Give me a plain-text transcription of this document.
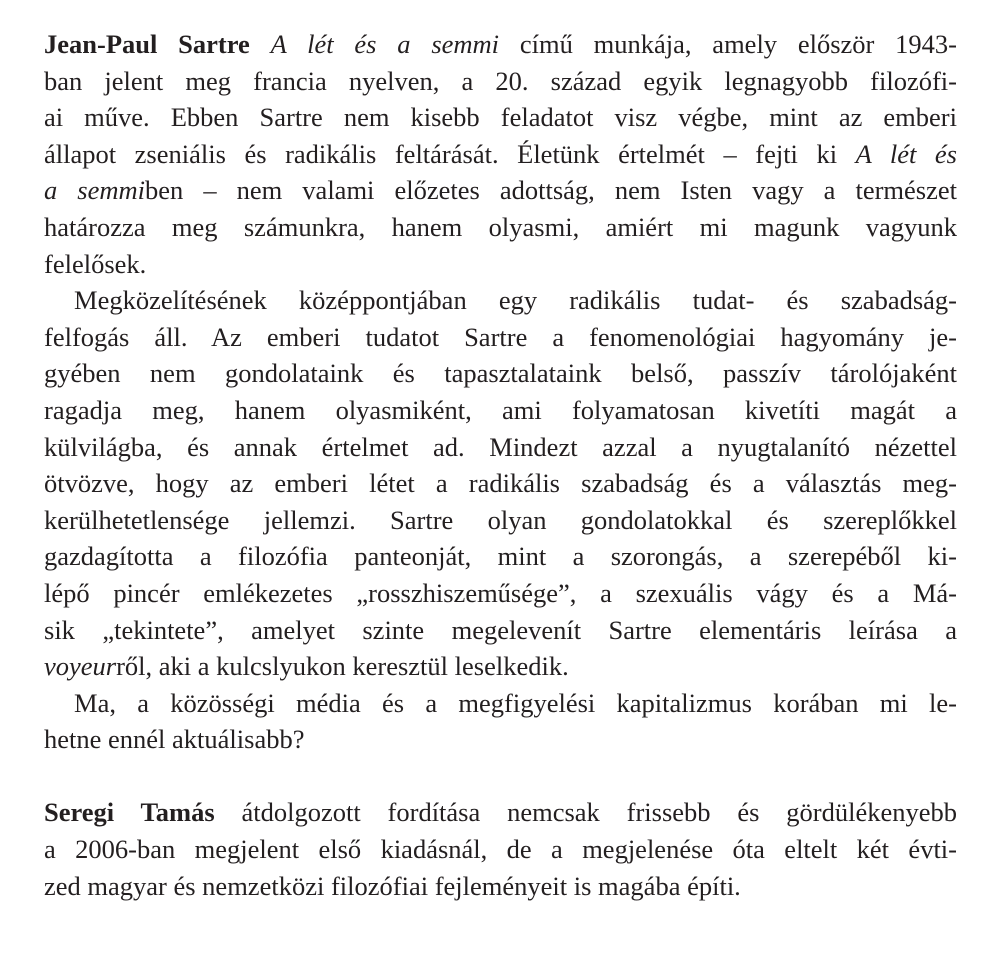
Jean-Paul Sartre A lét és a semmi című munkája, amely először 1943-
ban jelent meg francia nyelven, a 20. század egyik legnagyobb filozófi-
ai műve. Ebben Sartre nem kisebb feladatot visz végbe, mint az emberi
állapot zseniális és radikális feltárását. Életünk értelmét – fejti ki A lét és
a semmiben – nem valami előzetes adottság, nem Isten vagy a természet
határozza meg számunkra, hanem olyasmi, amiért mi magunk vagyunk
felelősek.
Megközelítésének középpontjában egy radikális tudat- és szabadság-
felfogás áll. Az emberi tudatot Sartre a fenomenológiai hagyomány je-
gyében nem gondolataink és tapasztalataink belső, passzív tárolójaként
ragadja meg, hanem olyasmiként, ami folyamatosan kivetíti magát a
külvilágba, és annak értelmet ad. Mindezt azzal a nyugtalanító nézettel
ötvözve, hogy az emberi létet a radikális szabadság és a választás meg-
kerülhetetlensége jellemzi. Sartre olyan gondolatokkal és szereplőkkel
gazdagította a filozófia panteonját, mint a szorongás, a szerepéből ki-
lépő pincér emlékezetes „rosszhiszeműsége”, a szexuális vágy és a Má-
sik „tekintete”, amelyet szinte megelevenít Sartre elementáris leírása a
voyeurről, aki a kulcslyukon keresztül leselkedik.
Ma, a közösségi média és a megfigyelési kapitalizmus korában mi le-
hetne ennél aktuálisabb?
Seregi Tamás átdolgozott fordítása nemcsak frissebb és gördülékenyebb
a 2006-ban megjelent első kiadásnál, de a megjelenése óta eltelt két évti-
zed magyar és nemzetközi filozófiai fejleményeit is magába építi.
